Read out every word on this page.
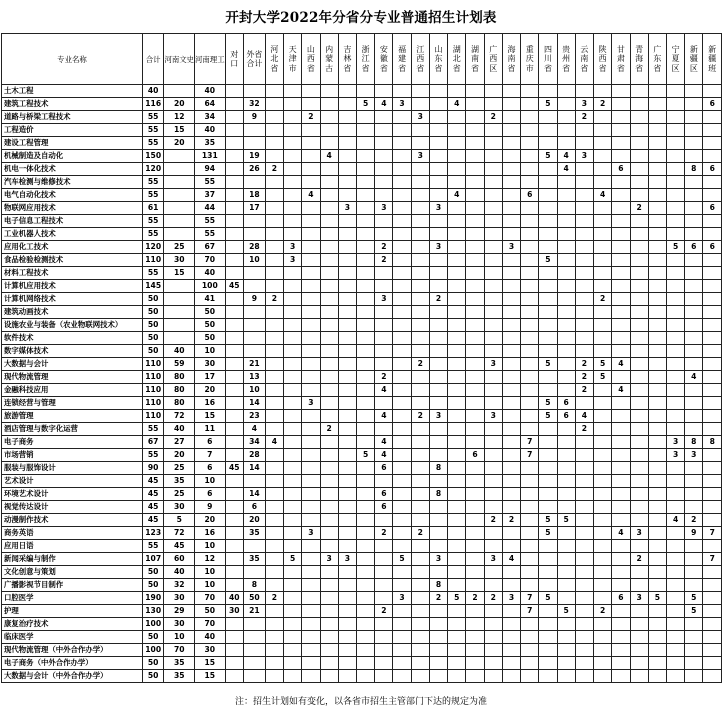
开封大学2022年分省分专业普通招生计划表
专业名称	合计	河南文史	河南理工	对口	外省合计	河北省	天津市	山西省	内蒙古	吉林省	浙江省	安徽省	福建省	江西省	山东省	湖北省	湖南省	广西区	海南省	重庆市	四川省	贵州省	云南省	陕西省	甘肃省	青海省	广东省	宁夏区	新疆区	新疆班
土木工程	40		40																											
建筑工程技术	116	20	64		32						5	4	3			4					5		3	2						6
道路与桥梁工程技术	55	12	34		9			2						3				2					2							
工程造价	55	15	40																											
建设工程管理	55	20	35																											
机械制造及自动化	150		131		19				4					3							5	4	3							
机电一体化技术	120		94		26	2																4			6				8	6
汽车检测与维修技术	55		55																											
电气自动化技术	55		37		18			4								4				6				4						
物联网应用技术	61		44		17					3		3			3											2				6
电子信息工程技术	55		55																											
工业机器人技术	55		55																											
应用化工技术	120	25	67		28		3					2			3				3									5	6	6
食品检验检测技术	110	30	70		10		3					2									5									
材料工程技术	55	15	40																											
计算机应用技术	145		100	45																										
计算机网络技术	50		41		9	2						3			2									2						
建筑动画技术	50		50																											
设施农业与装备（农业物联网技术）	50		50																											
软件技术	50		50																											
数字媒体技术	50	40	10																											
大数据与会计	110	59	30		21									2				3			5		2	5	4					
现代物流管理	110	80	17		13							2											2	5					4	
金融科技应用	110	80	20		10							4											2		4					
连锁经营与管理	110	80	16		14			3													5	6								
旅游管理	110	72	15		23							4		2	3			3			5	6	4							
酒店管理与数字化运营	55	40	11		4				2														2							
电子商务	67	27	6		34	4						4								7								3	8	8
市场营销	55	20	7		28						5	4					6			7								3	3	
服装与服饰设计	90	25	6	45	14							6			8															
艺术设计	45	35	10																											
环境艺术设计	45	25	6		14							6			8															
视觉传达设计	45	30	9		6							6																		
动漫制作技术	45	5	20		20													2	2		5	5						4	2	
商务英语	123	72	16		35			3				2		2							5				4	3			9	7
应用日语	55	45	10																											
新闻采编与制作	107	60	12		35		5		3	3			5		3			3	4							2				7
文化创意与策划	50	40	10																											
广播影视节目制作	50	32	10		8										8															
口腔医学	190	30	70	40	50	2							3		2	5	2	2	3	7	5				6	3	5		5	
护理	130	29	50	30	21							2								7		5		2					5	
康复治疗技术	100	30	70																											
临床医学	50	10	40																											
现代物流管理（中外合作办学）	100	70	30																											
电子商务（中外合作办学）	50	35	15																											
大数据与会计（中外合作办学）	50	35	15																											
注：招生计划如有变化，以各省市招生主管部门下达的规定为准
